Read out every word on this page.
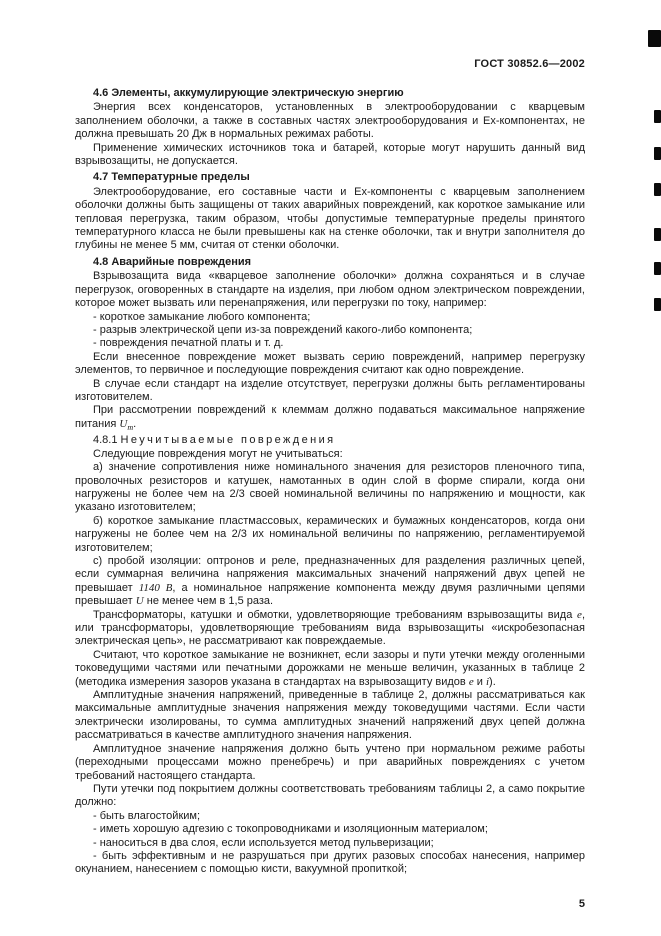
ГОСТ 30852.6—2002

4.6 Элементы, аккумулирующие электрическую энергию

Энергия всех конденсаторов, установленных в электрооборудовании с кварцевым заполнением оболочки, а также в составных частях электрооборудования и Ex-компонентах, не должна превышать 20 Дж в нормальных режимах работы.

Применение химических источников тока и батарей, которые могут нарушить данный вид взрывозащиты, не допускается.

4.7 Температурные пределы

Электрооборудование, его составные части и Ex-компоненты с кварцевым заполнением оболочки должны быть защищены от таких аварийных повреждений, как короткое замыкание или тепловая перегрузка, таким образом, чтобы допустимые температурные пределы принятого температурного класса не были превышены как на стенке оболочки, так и внутри заполнителя до глубины не менее 5 мм, считая от стенки оболочки.

4.8 Аварийные повреждения

Взрывозащита вида «кварцевое заполнение оболочки» должна сохраняться и в случае перегрузок, оговоренных в стандарте на изделия, при любом одном электрическом повреждении, которое может вызвать или перенапряжения, или перегрузки по току, например:

- короткое замыкание любого компонента;

- разрыв электрической цепи из-за повреждений какого-либо компонента;

- повреждения печатной платы и т. д.

Если внесенное повреждение может вызвать серию повреждений, например перегрузку элементов, то первичное и последующие повреждения считают как одно повреждение.

В случае если стандарт на изделие отсутствует, перегрузки должны быть регламентированы изготовителем.

При рассмотрении повреждений к клеммам должно подаваться максимальное напряжение питания $U_m$.

4.8.1 Неучитываемые повреждения

Следующие повреждения могут не учитываться:

а) значение сопротивления ниже номинального значения для резисторов пленочного типа, проволочных резисторов и катушек, намотанных в один слой в форме спирали, когда они нагружены не более чем на 2/3 своей номинальной величины по напряжению и мощности, как указано изготовителем;

б) короткое замыкание пластмассовых, керамических и бумажных конденсаторов, когда они нагружены не более чем на 2/3 их номинальной величины по напряжению, регламентируемой изготовителем;

с) пробой изоляции: оптронов и реле, предназначенных для разделения различных цепей, если суммарная величина напряжения максимальных значений напряжений двух цепей не превышает 1140 В, а номинальное напряжение компонента между двумя различными цепями превышает U не менее чем в 1,5 раза.

Трансформаторы, катушки и обмотки, удовлетворяющие требованиям взрывозащиты вида е, или трансформаторы, удовлетворяющие требованиям вида взрывозащиты «искробезопасная электрическая цепь», не рассматривают как повреждаемые.

Считают, что короткое замыкание не возникнет, если зазоры и пути утечки между оголенными токоведущими частями или печатными дорожками не меньше величин, указанных в таблице 2 (методика измерения зазоров указана в стандартах на взрывозащиту видов е и i).

Амплитудные значения напряжений, приведенные в таблице 2, должны рассматриваться как максимальные амплитудные значения напряжения между токоведущими частями. Если части электрически изолированы, то сумма амплитудных значений напряжений двух цепей должна рассматриваться в качестве амплитудного значения напряжения.

Амплитудное значение напряжения должно быть учтено при нормальном режиме работы (переходными процессами можно пренебречь) и при аварийных повреждениях с учетом требований настоящего стандарта.

Пути утечки под покрытием должны соответствовать требованиям таблицы 2, а само покрытие должно:

- быть влагостойким;

- иметь хорошую адгезию с токопроводниками и изоляционным материалом;

- наноситься в два слоя, если используется метод пульверизации;

- быть эффективным и не разрушаться при других разовых способах нанесения, например окунанием, нанесением с помощью кисти, вакуумной пропиткой;

5
